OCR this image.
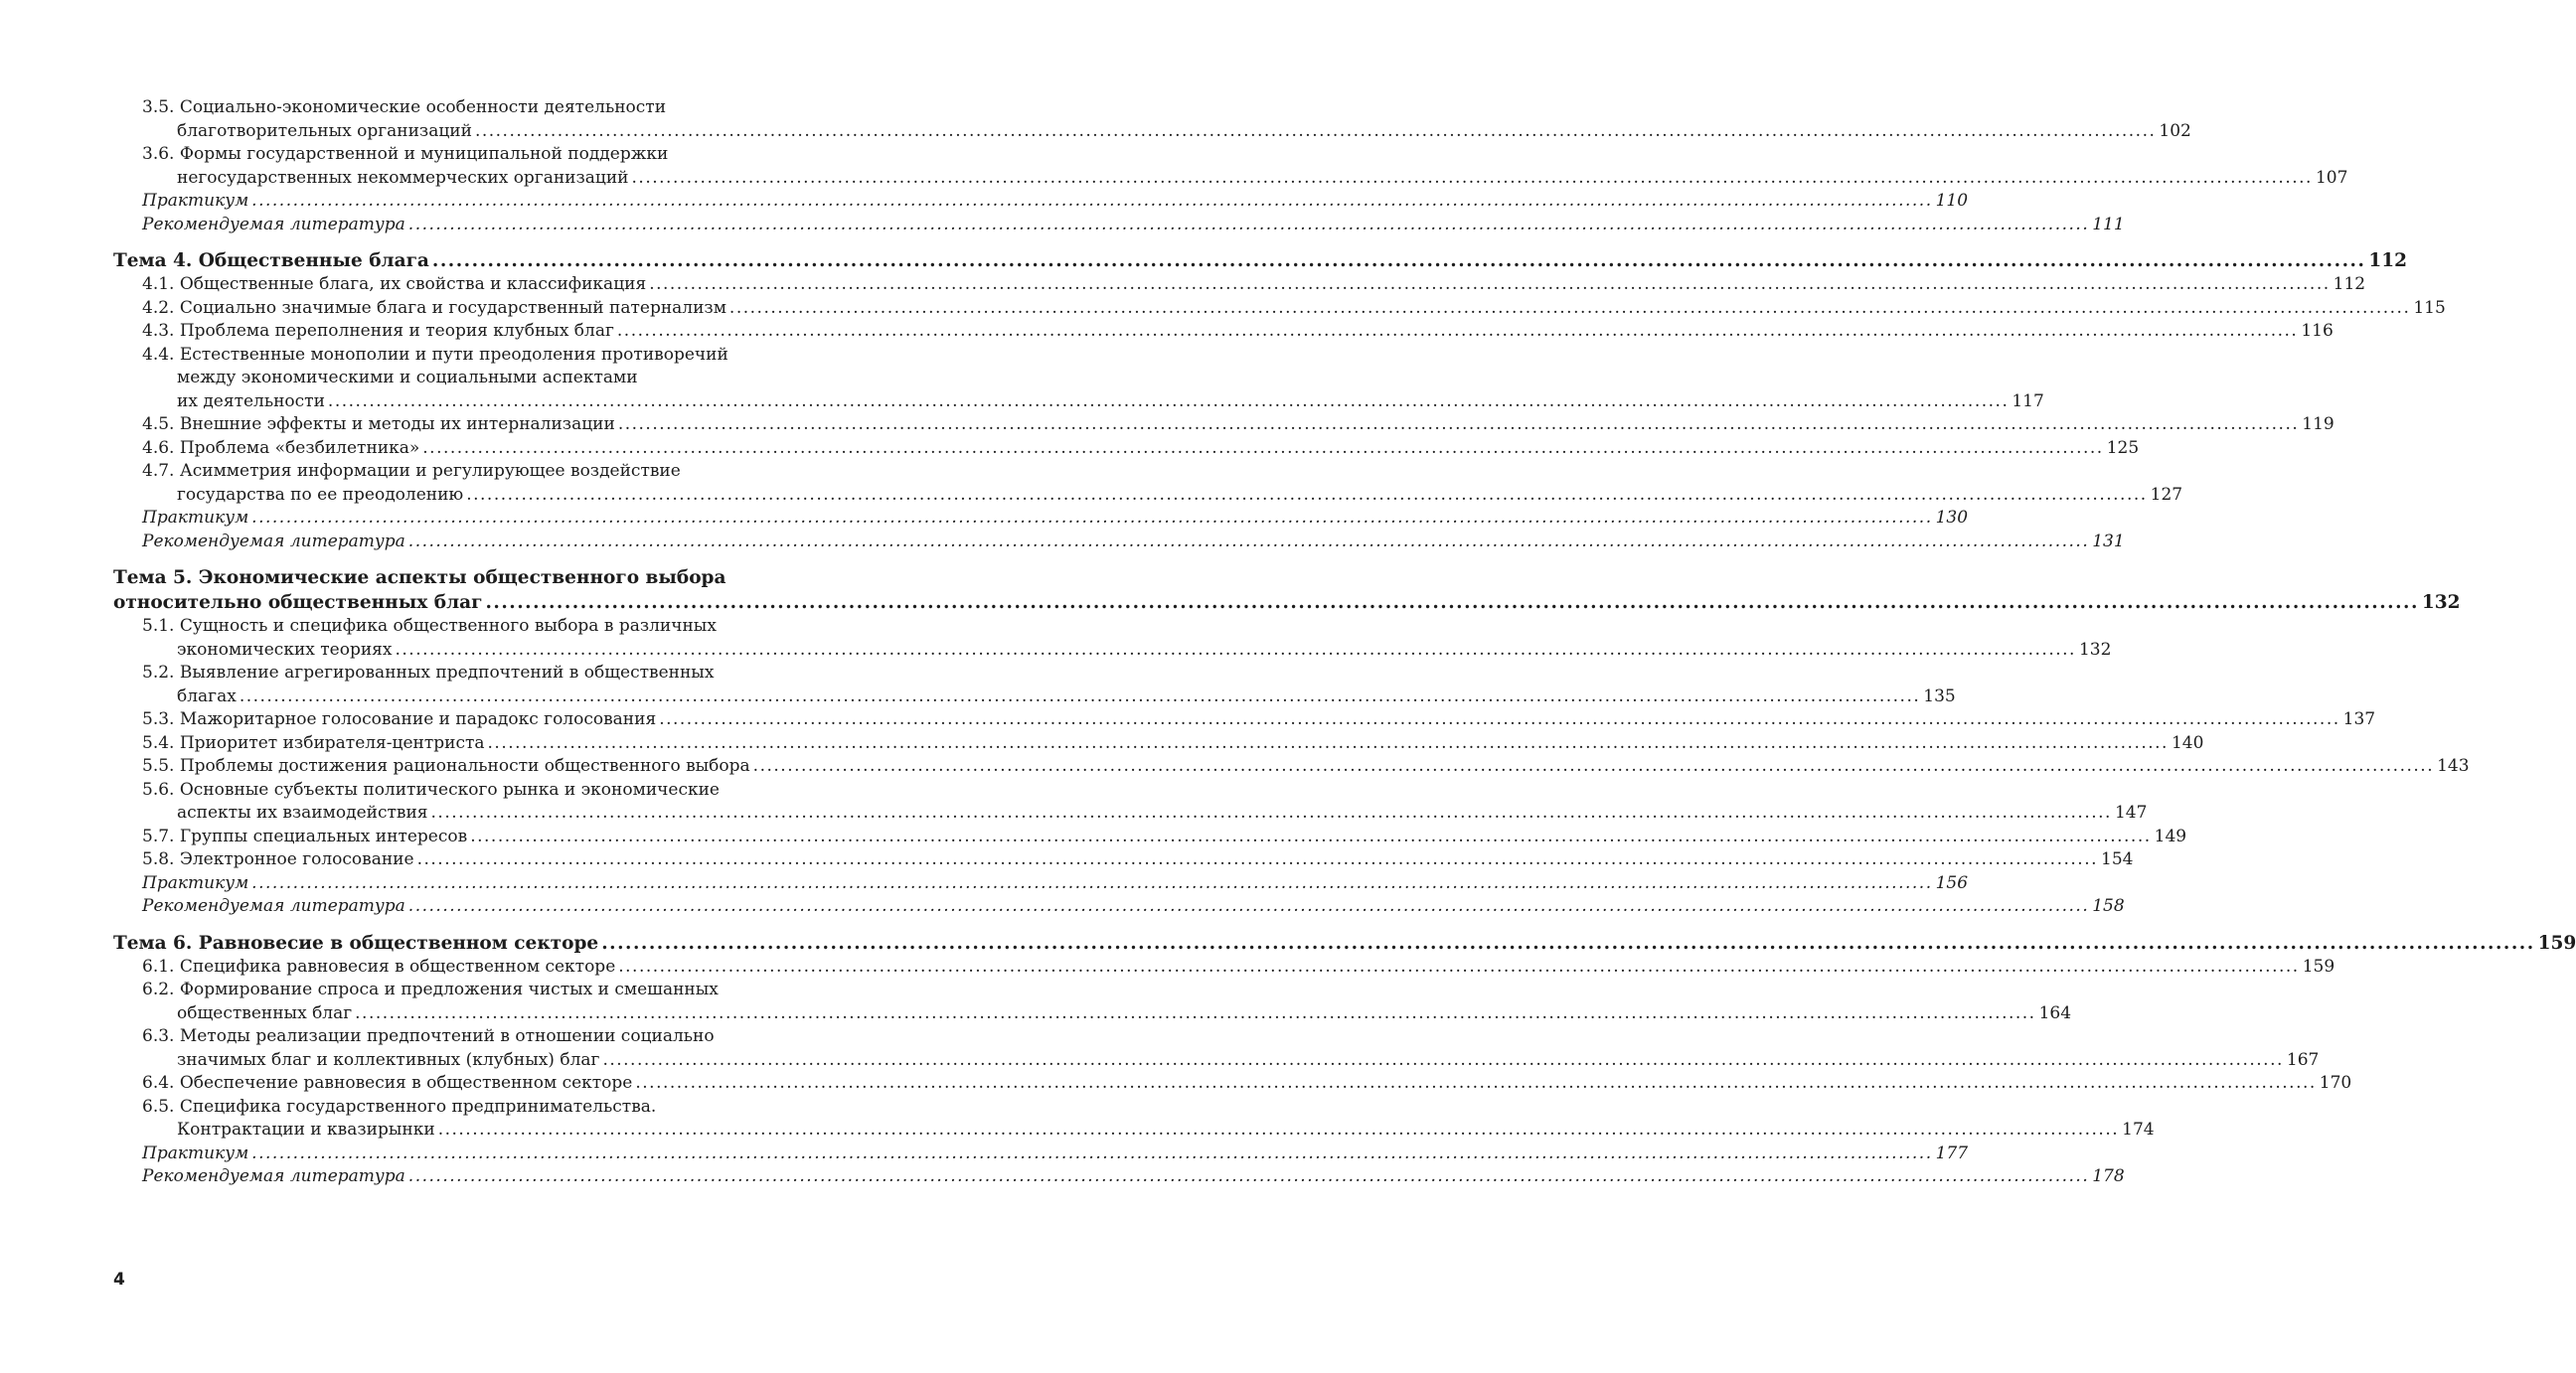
3.5. Социально-экономические особенности деятельности
благотворительных организаций .....	102
3.6. Формы государственной и муниципальной поддержки
негосударственных некоммерческих организаций .....	107
Практикум .....	110
Рекомендуемая литература .....	111
Тема 4. Общественные блага .....	112
4.1. Общественные блага, их свойства и классификация .....	112
4.2. Социально значимые блага и государственный патернализм .....	115
4.3. Проблема переполнения и теория клубных благ .....	116
4.4. Естественные монополии и пути преодоления противоречий
между экономическими и социальными аспектами
их деятельности .....	117
4.5. Внешние эффекты и методы их интернализации .....	119
4.6. Проблема «безбилетника» .....	125
4.7. Асимметрия информации и регулирующее воздействие
государства по ее преодолению .....	127
Практикум .....	130
Рекомендуемая литература .....	131
Тема 5. Экономические аспекты общественного выбора
относительно общественных благ .....	132
5.1. Сущность и специфика общественного выбора в различных
экономических теориях .....	132
5.2. Выявление агрегированных предпочтений в общественных
благах .....	135
5.3. Мажоритарное голосование и парадокс голосования .....	137
5.4. Приоритет избирателя-центриста .....	140
5.5. Проблемы достижения рациональности общественного выбора .....	143
5.6. Основные субъекты политического рынка и экономические
аспекты их взаимодействия .....	147
5.7. Группы специальных интересов .....	149
5.8. Электронное голосование .....	154
Практикум .....	156
Рекомендуемая литература .....	158
Тема 6. Равновесие в общественном секторе .....	159
6.1. Специфика равновесия в общественном секторе .....	159
6.2. Формирование спроса и предложения чистых и смешанных
общественных благ .....	164
6.3. Методы реализации предпочтений в отношении социально
значимых благ и коллективных (клубных) благ .....	167
6.4. Обеспечение равновесия в общественном секторе .....	170
6.5. Специфика государственного предпринимательства.
Контрактации и квазирынки .....	174
Практикум .....	177
Рекомендуемая литература .....	178
4
